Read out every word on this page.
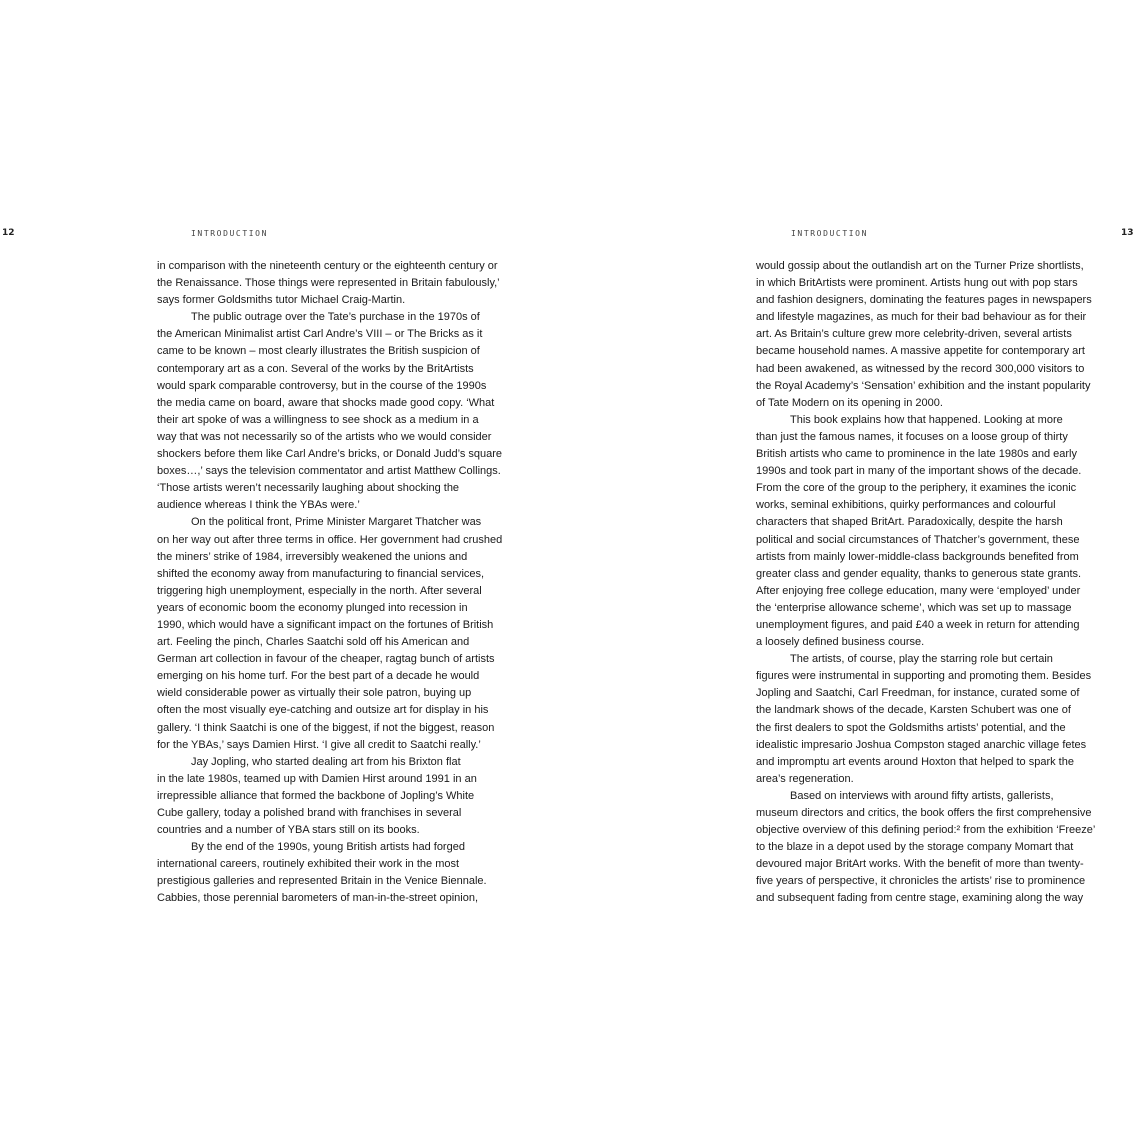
12	INTRODUCTION
in comparison with the nineteenth century or the eighteenth century or
the Renaissance. Those things were represented in Britain fabulously,’
says former Goldsmiths tutor Michael Craig-Martin.
The public outrage over the Tate’s purchase in the 1970s of
the American Minimalist artist Carl Andre’s VIII – or The Bricks as it
came to be known – most clearly illustrates the British suspicion of
contemporary art as a con. Several of the works by the BritArtists
would spark comparable controversy, but in the course of the 1990s
the media came on board, aware that shocks made good copy. ‘What
their art spoke of was a willingness to see shock as a medium in a
way that was not necessarily so of the artists who we would consider
shockers before them like Carl Andre’s bricks, or Donald Judd’s square
boxes…,’ says the television commentator and artist Matthew Collings.
‘Those artists weren’t necessarily laughing about shocking the
audience whereas I think the YBAs were.’
On the political front, Prime Minister Margaret Thatcher was
on her way out after three terms in office. Her government had crushed
the miners’ strike of 1984, irreversibly weakened the unions and
shifted the economy away from manufacturing to financial services,
triggering high unemployment, especially in the north. After several
years of economic boom the economy plunged into recession in
1990, which would have a significant impact on the fortunes of British
art. Feeling the pinch, Charles Saatchi sold off his American and
German art collection in favour of the cheaper, ragtag bunch of artists
emerging on his home turf. For the best part of a decade he would
wield considerable power as virtually their sole patron, buying up
often the most visually eye-catching and outsize art for display in his
gallery. ‘I think Saatchi is one of the biggest, if not the biggest, reason
for the YBAs,’ says Damien Hirst. ‘I give all credit to Saatchi really.’
Jay Jopling, who started dealing art from his Brixton flat
in the late 1980s, teamed up with Damien Hirst around 1991 in an
irrepressible alliance that formed the backbone of Jopling’s White
Cube gallery, today a polished brand with franchises in several
countries and a number of YBA stars still on its books.
By the end of the 1990s, young British artists had forged
international careers, routinely exhibited their work in the most
prestigious galleries and represented Britain in the Venice Biennale.
Cabbies, those perennial barometers of man-in-the-street opinion,
INTRODUCTION	13
would gossip about the outlandish art on the Turner Prize shortlists,
in which BritArtists were prominent. Artists hung out with pop stars
and fashion designers, dominating the features pages in newspapers
and lifestyle magazines, as much for their bad behaviour as for their
art. As Britain’s culture grew more celebrity-driven, several artists
became household names. A massive appetite for contemporary art
had been awakened, as witnessed by the record 300,000 visitors to
the Royal Academy’s ‘Sensation’ exhibition and the instant popularity
of Tate Modern on its opening in 2000.
This book explains how that happened. Looking at more
than just the famous names, it focuses on a loose group of thirty
British artists who came to prominence in the late 1980s and early
1990s and took part in many of the important shows of the decade.
From the core of the group to the periphery, it examines the iconic
works, seminal exhibitions, quirky performances and colourful
characters that shaped BritArt. Paradoxically, despite the harsh
political and social circumstances of Thatcher’s government, these
artists from mainly lower-middle-class backgrounds benefited from
greater class and gender equality, thanks to generous state grants.
After enjoying free college education, many were ‘employed’ under
the ‘enterprise allowance scheme’, which was set up to massage
unemployment figures, and paid £40 a week in return for attending
a loosely defined business course.
The artists, of course, play the starring role but certain
figures were instrumental in supporting and promoting them. Besides
Jopling and Saatchi, Carl Freedman, for instance, curated some of
the landmark shows of the decade, Karsten Schubert was one of
the first dealers to spot the Goldsmiths artists’ potential, and the
idealistic impresario Joshua Compston staged anarchic village fetes
and impromptu art events around Hoxton that helped to spark the
area’s regeneration.
Based on interviews with around fifty artists, gallerists,
museum directors and critics, the book offers the first comprehensive
objective overview of this defining period:² from the exhibition ‘Freeze’
to the blaze in a depot used by the storage company Momart that
devoured major BritArt works. With the benefit of more than twenty-
five years of perspective, it chronicles the artists’ rise to prominence
and subsequent fading from centre stage, examining along the way
